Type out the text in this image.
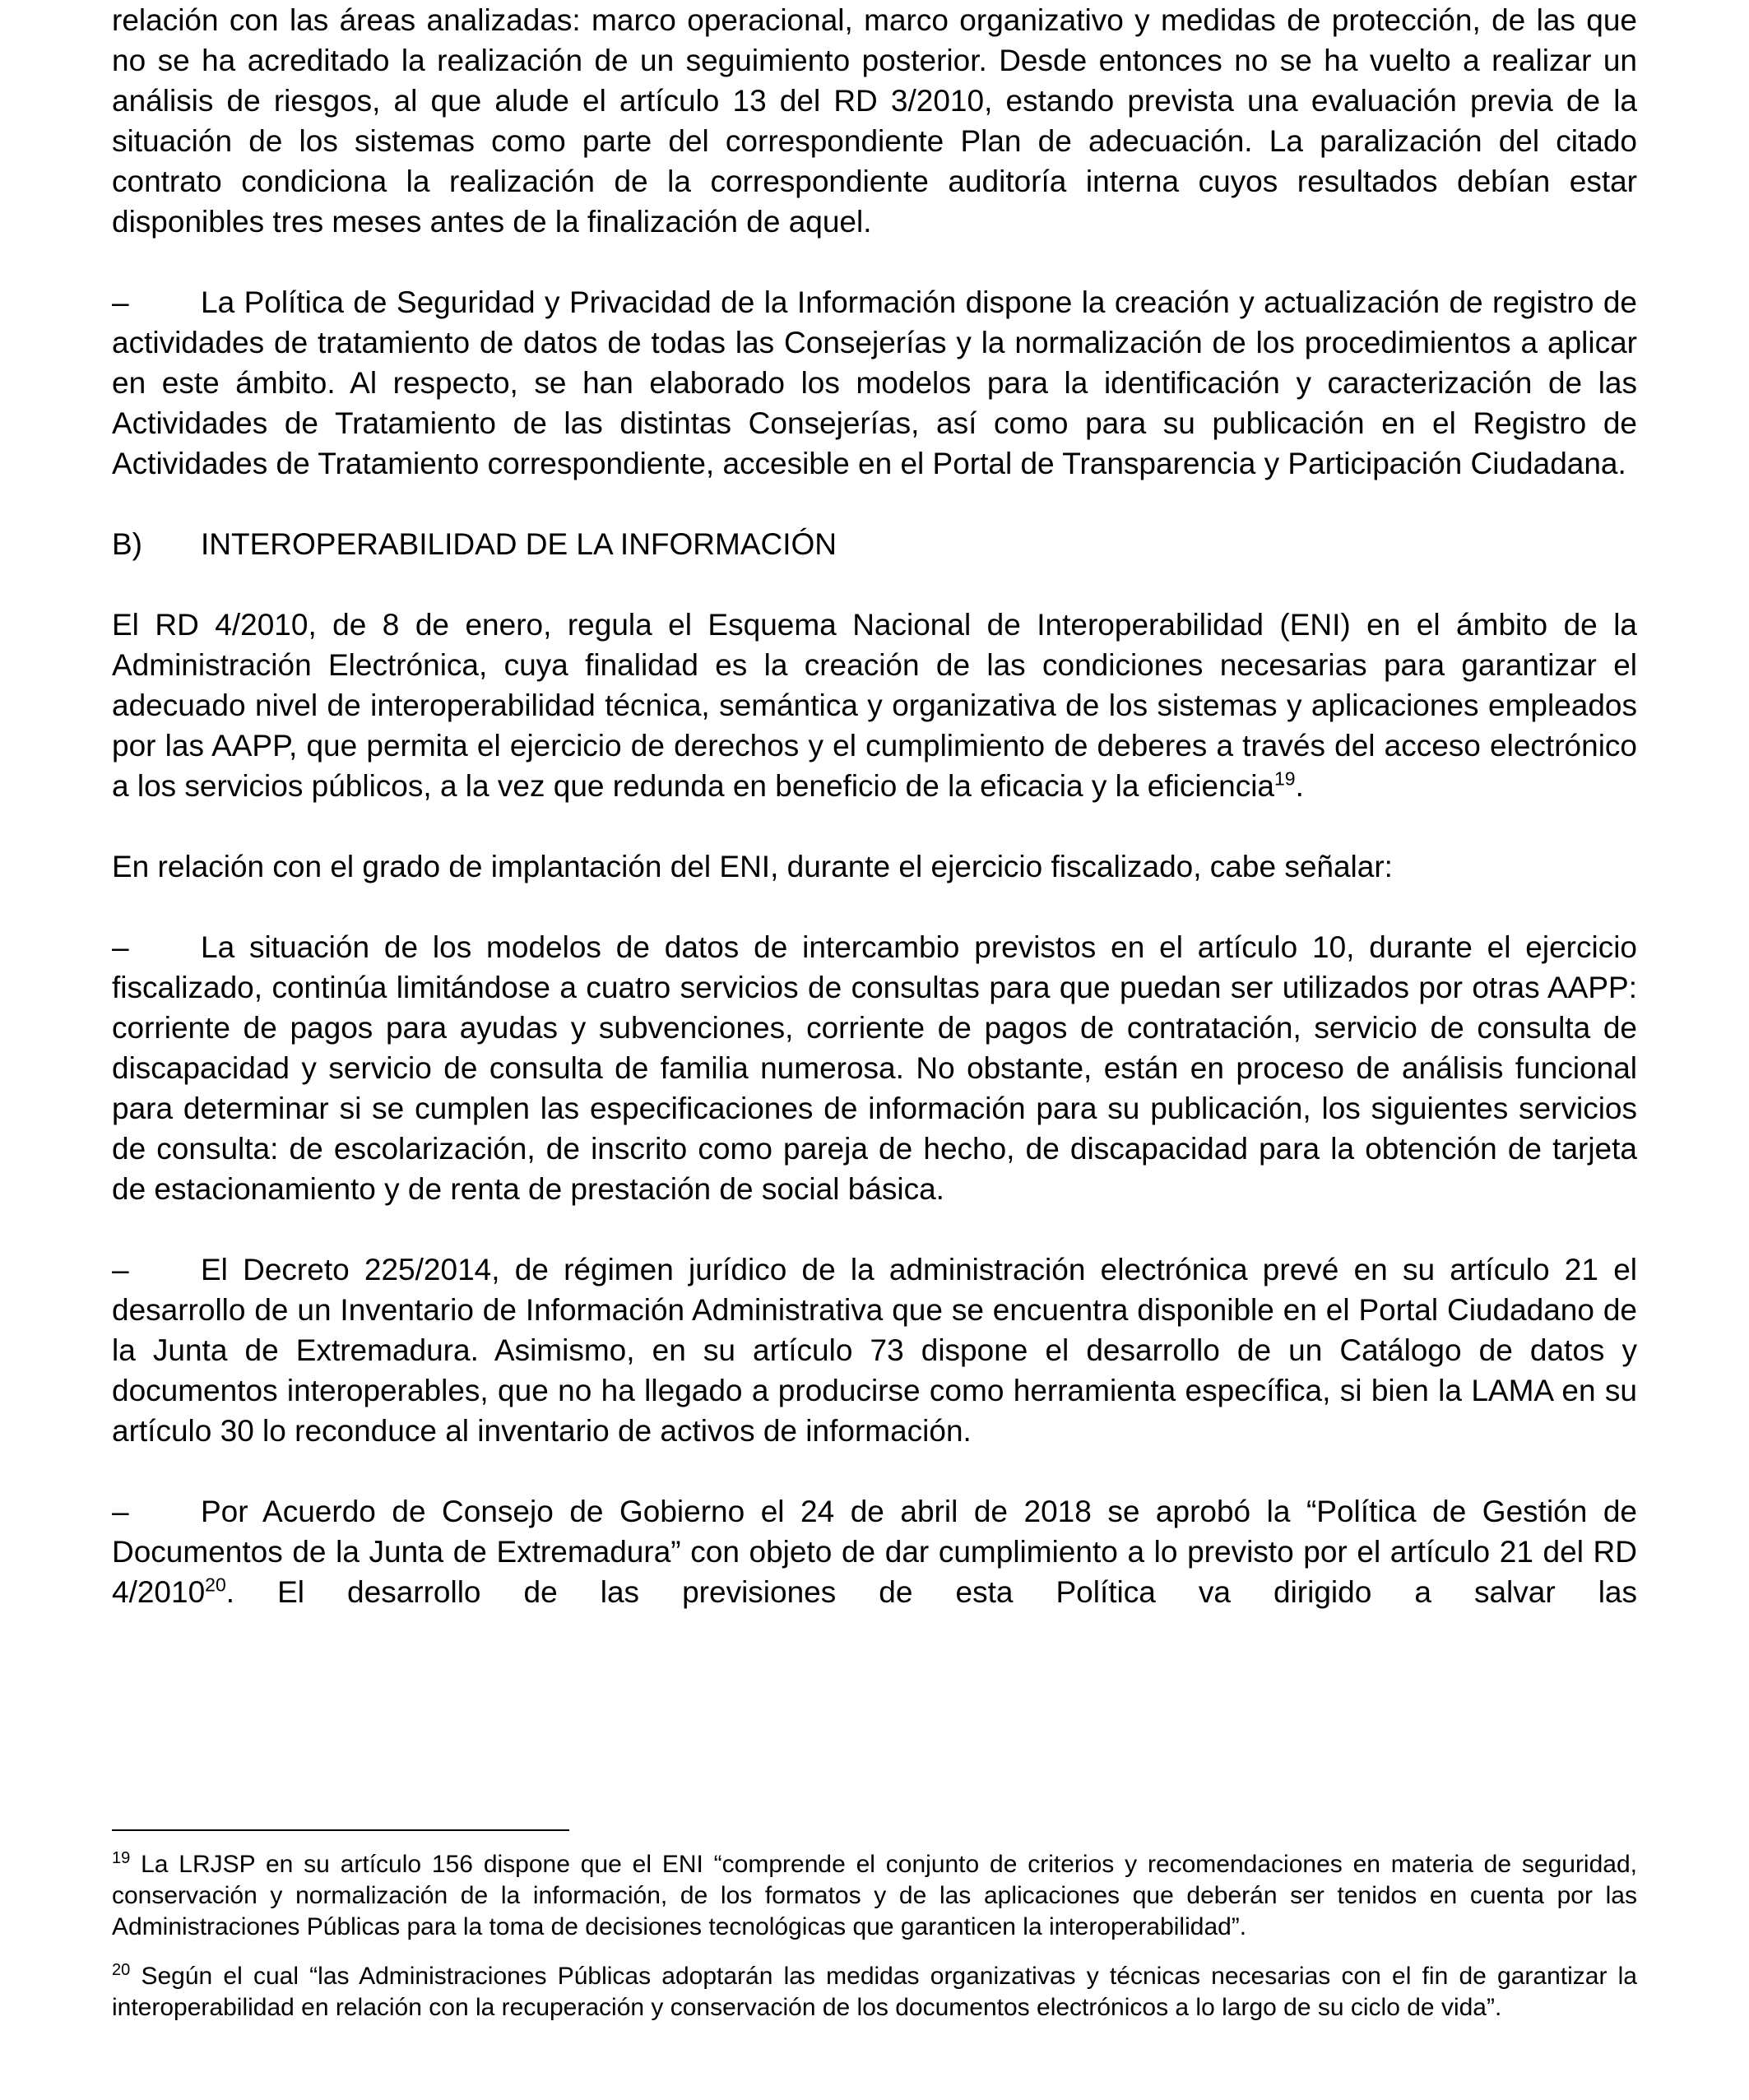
relación con las áreas analizadas: marco operacional, marco organizativo y medidas de protección, de las que no se ha acreditado la realización de un seguimiento posterior. Desde entonces no se ha vuelto a realizar un análisis de riesgos, al que alude el artículo 13 del RD 3/2010, estando prevista una evaluación previa de la situación de los sistemas como parte del correspondiente Plan de adecuación. La paralización del citado contrato condiciona la realización de la correspondiente auditoría interna cuyos resultados debían estar disponibles tres meses antes de la finalización de aquel.

– La Política de Seguridad y Privacidad de la Información dispone la creación y actualización de registro de actividades de tratamiento de datos de todas las Consejerías y la normalización de los procedimientos a aplicar en este ámbito. Al respecto, se han elaborado los modelos para la identificación y caracterización de las Actividades de Tratamiento de las distintas Consejerías, así como para su publicación en el Registro de Actividades de Tratamiento correspondiente, accesible en el Portal de Transparencia y Participación Ciudadana.

B) INTEROPERABILIDAD DE LA INFORMACIÓN

El RD 4/2010, de 8 de enero, regula el Esquema Nacional de Interoperabilidad (ENI) en el ámbito de la Administración Electrónica, cuya finalidad es la creación de las condiciones necesarias para garantizar el adecuado nivel de interoperabilidad técnica, semántica y organizativa de los sistemas y aplicaciones empleados por las AAPP, que permita el ejercicio de derechos y el cumplimiento de deberes a través del acceso electrónico a los servicios públicos, a la vez que redunda en beneficio de la eficacia y la eficiencia$^{19}$.

En relación con el grado de implantación del ENI, durante el ejercicio fiscalizado, cabe señalar:

– La situación de los modelos de datos de intercambio previstos en el artículo 10, durante el ejercicio fiscalizado, continúa limitándose a cuatro servicios de consultas para que puedan ser utilizados por otras AAPP: corriente de pagos para ayudas y subvenciones, corriente de pagos de contratación, servicio de consulta de discapacidad y servicio de consulta de familia numerosa. No obstante, están en proceso de análisis funcional para determinar si se cumplen las especificaciones de información para su publicación, los siguientes servicios de consulta: de escolarización, de inscrito como pareja de hecho, de discapacidad para la obtención de tarjeta de estacionamiento y de renta de prestación de social básica.

– El Decreto 225/2014, de régimen jurídico de la administración electrónica prevé en su artículo 21 el desarrollo de un Inventario de Información Administrativa que se encuentra disponible en el Portal Ciudadano de la Junta de Extremadura. Asimismo, en su artículo 73 dispone el desarrollo de un Catálogo de datos y documentos interoperables, que no ha llegado a producirse como herramienta específica, si bien la LAMA en su artículo 30 lo reconduce al inventario de activos de información.

– Por Acuerdo de Consejo de Gobierno el 24 de abril de 2018 se aprobó la “Política de Gestión de Documentos de la Junta de Extremadura” con objeto de dar cumplimiento a lo previsto por el artículo 21 del RD 4/2010$^{20}$. El desarrollo de las previsiones de esta Política va dirigido a salvar las

$^{19}$ La LRJSP en su artículo 156 dispone que el ENI “comprende el conjunto de criterios y recomendaciones en materia de seguridad, conservación y normalización de la información, de los formatos y de las aplicaciones que deberán ser tenidos en cuenta por las Administraciones Públicas para la toma de decisiones tecnológicas que garanticen la interoperabilidad”.

$^{20}$ Según el cual “las Administraciones Públicas adoptarán las medidas organizativas y técnicas necesarias con el fin de garantizar la interoperabilidad en relación con la recuperación y conservación de los documentos electrónicos a lo largo de su ciclo de vida”.
